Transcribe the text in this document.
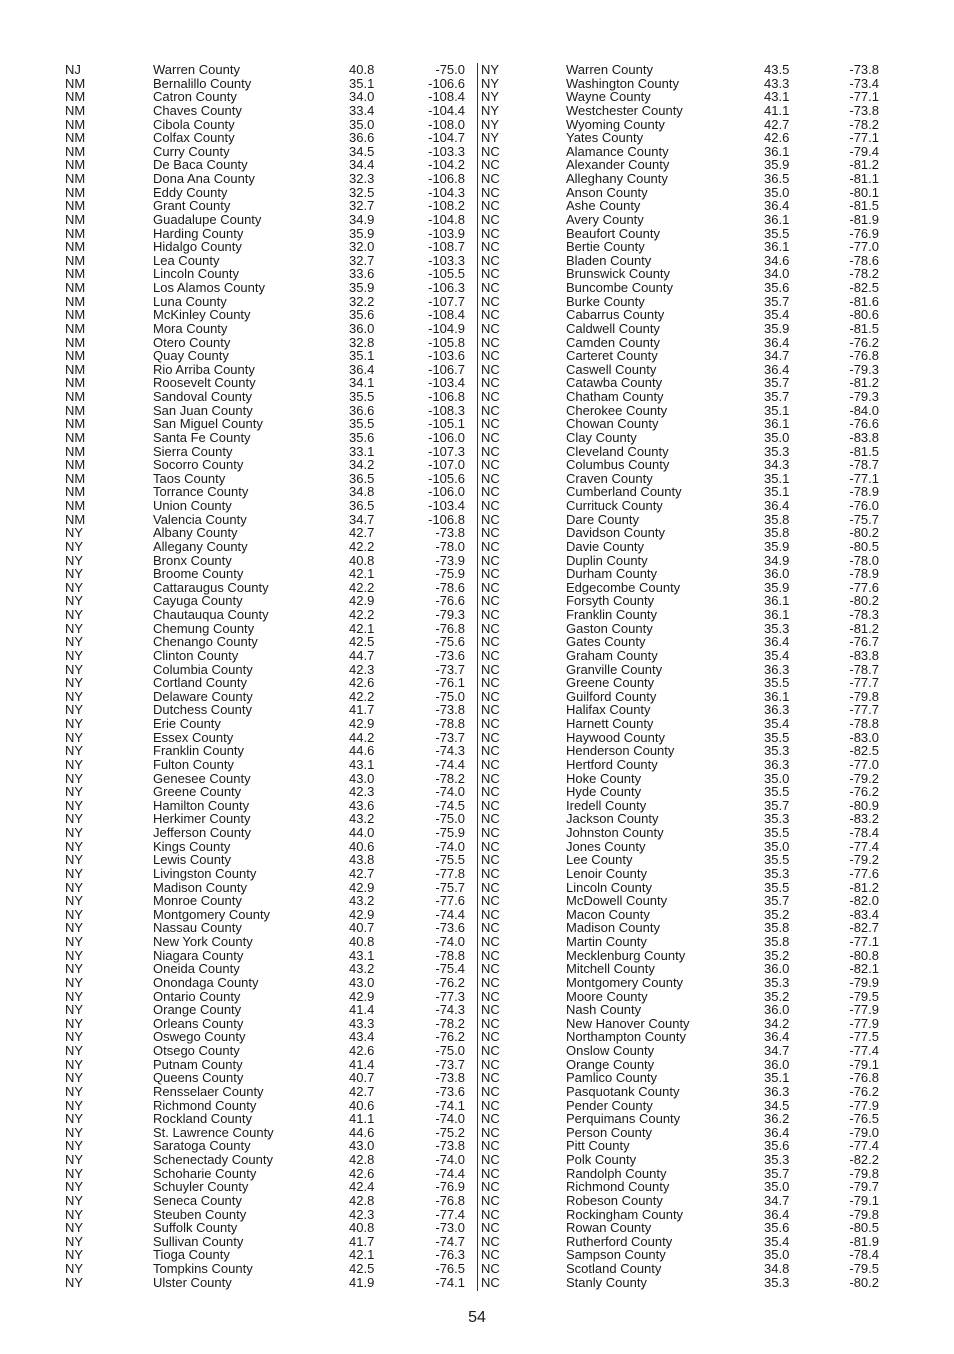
NJ	Warren County	40.8	-75.0
NM	Bernalillo County	35.1	-106.6
NM	Catron County	34.0	-108.4
NM	Chaves County	33.4	-104.4
NM	Cibola County	35.0	-108.0
NM	Colfax County	36.6	-104.7
NM	Curry County	34.5	-103.3
NM	De Baca County	34.4	-104.2
NM	Dona Ana County	32.3	-106.8
NM	Eddy County	32.5	-104.3
NM	Grant County	32.7	-108.2
NM	Guadalupe County	34.9	-104.8
NM	Harding County	35.9	-103.9
NM	Hidalgo County	32.0	-108.7
NM	Lea County	32.7	-103.3
NM	Lincoln County	33.6	-105.5
NM	Los Alamos County	35.9	-106.3
NM	Luna County	32.2	-107.7
NM	McKinley County	35.6	-108.4
NM	Mora County	36.0	-104.9
NM	Otero County	32.8	-105.8
NM	Quay County	35.1	-103.6
NM	Rio Arriba County	36.4	-106.7
NM	Roosevelt County	34.1	-103.4
NM	Sandoval County	35.5	-106.8
NM	San Juan County	36.6	-108.3
NM	San Miguel County	35.5	-105.1
NM	Santa Fe County	35.6	-106.0
NM	Sierra County	33.1	-107.3
NM	Socorro County	34.2	-107.0
NM	Taos County	36.5	-105.6
NM	Torrance County	34.8	-106.0
NM	Union County	36.5	-103.4
NM	Valencia County	34.7	-106.8
NY	Albany County	42.7	-73.8
NY	Allegany County	42.2	-78.0
NY	Bronx County	40.8	-73.9
NY	Broome County	42.1	-75.9
NY	Cattaraugus County	42.2	-78.6
NY	Cayuga County	42.9	-76.6
NY	Chautauqua County	42.2	-79.3
NY	Chemung County	42.1	-76.8
NY	Chenango County	42.5	-75.6
NY	Clinton County	44.7	-73.6
NY	Columbia County	42.3	-73.7
NY	Cortland County	42.6	-76.1
NY	Delaware County	42.2	-75.0
NY	Dutchess County	41.7	-73.8
NY	Erie County	42.9	-78.8
NY	Essex County	44.2	-73.7
NY	Franklin County	44.6	-74.3
NY	Fulton County	43.1	-74.4
NY	Genesee County	43.0	-78.2
NY	Greene County	42.3	-74.0
NY	Hamilton County	43.6	-74.5
NY	Herkimer County	43.2	-75.0
NY	Jefferson County	44.0	-75.9
NY	Kings County	40.6	-74.0
NY	Lewis County	43.8	-75.5
NY	Livingston County	42.7	-77.8
NY	Madison County	42.9	-75.7
NY	Monroe County	43.2	-77.6
NY	Montgomery County	42.9	-74.4
NY	Nassau County	40.7	-73.6
NY	New York County	40.8	-74.0
NY	Niagara County	43.1	-78.8
NY	Oneida County	43.2	-75.4
NY	Onondaga County	43.0	-76.2
NY	Ontario County	42.9	-77.3
NY	Orange County	41.4	-74.3
NY	Orleans County	43.3	-78.2
NY	Oswego County	43.4	-76.2
NY	Otsego County	42.6	-75.0
NY	Putnam County	41.4	-73.7
NY	Queens County	40.7	-73.8
NY	Rensselaer County	42.7	-73.6
NY	Richmond County	40.6	-74.1
NY	Rockland County	41.1	-74.0
NY	St. Lawrence County	44.6	-75.2
NY	Saratoga County	43.0	-73.8
NY	Schenectady County	42.8	-74.0
NY	Schoharie County	42.6	-74.4
NY	Schuyler County	42.4	-76.9
NY	Seneca County	42.8	-76.8
NY	Steuben County	42.3	-77.4
NY	Suffolk County	40.8	-73.0
NY	Sullivan County	41.7	-74.7
NY	Tioga County	42.1	-76.3
NY	Tompkins County	42.5	-76.5
NY	Ulster County	41.9	-74.1
NY	Warren County	43.5	-73.8
NY	Washington County	43.3	-73.4
NY	Wayne County	43.1	-77.1
NY	Westchester County	41.1	-73.8
NY	Wyoming County	42.7	-78.2
NY	Yates County	42.6	-77.1
NC	Alamance County	36.1	-79.4
NC	Alexander County	35.9	-81.2
NC	Alleghany County	36.5	-81.1
NC	Anson County	35.0	-80.1
NC	Ashe County	36.4	-81.5
NC	Avery County	36.1	-81.9
NC	Beaufort County	35.5	-76.9
NC	Bertie County	36.1	-77.0
NC	Bladen County	34.6	-78.6
NC	Brunswick County	34.0	-78.2
NC	Buncombe County	35.6	-82.5
NC	Burke County	35.7	-81.6
NC	Cabarrus County	35.4	-80.6
NC	Caldwell County	35.9	-81.5
NC	Camden County	36.4	-76.2
NC	Carteret County	34.7	-76.8
NC	Caswell County	36.4	-79.3
NC	Catawba County	35.7	-81.2
NC	Chatham County	35.7	-79.3
NC	Cherokee County	35.1	-84.0
NC	Chowan County	36.1	-76.6
NC	Clay County	35.0	-83.8
NC	Cleveland County	35.3	-81.5
NC	Columbus County	34.3	-78.7
NC	Craven County	35.1	-77.1
NC	Cumberland County	35.1	-78.9
NC	Currituck County	36.4	-76.0
NC	Dare County	35.8	-75.7
NC	Davidson County	35.8	-80.2
NC	Davie County	35.9	-80.5
NC	Duplin County	34.9	-78.0
NC	Durham County	36.0	-78.9
NC	Edgecombe County	35.9	-77.6
NC	Forsyth County	36.1	-80.2
NC	Franklin County	36.1	-78.3
NC	Gaston County	35.3	-81.2
NC	Gates County	36.4	-76.7
NC	Graham County	35.4	-83.8
NC	Granville County	36.3	-78.7
NC	Greene County	35.5	-77.7
NC	Guilford County	36.1	-79.8
NC	Halifax County	36.3	-77.7
NC	Harnett County	35.4	-78.8
NC	Haywood County	35.5	-83.0
NC	Henderson County	35.3	-82.5
NC	Hertford County	36.3	-77.0
NC	Hoke County	35.0	-79.2
NC	Hyde County	35.5	-76.2
NC	Iredell County	35.7	-80.9
NC	Jackson County	35.3	-83.2
NC	Johnston County	35.5	-78.4
NC	Jones County	35.0	-77.4
NC	Lee County	35.5	-79.2
NC	Lenoir County	35.3	-77.6
NC	Lincoln County	35.5	-81.2
NC	McDowell County	35.7	-82.0
NC	Macon County	35.2	-83.4
NC	Madison County	35.8	-82.7
NC	Martin County	35.8	-77.1
NC	Mecklenburg County	35.2	-80.8
NC	Mitchell County	36.0	-82.1
NC	Montgomery County	35.3	-79.9
NC	Moore County	35.2	-79.5
NC	Nash County	36.0	-77.9
NC	New Hanover County	34.2	-77.9
NC	Northampton County	36.4	-77.5
NC	Onslow County	34.7	-77.4
NC	Orange County	36.0	-79.1
NC	Pamlico County	35.1	-76.8
NC	Pasquotank County	36.3	-76.2
NC	Pender County	34.5	-77.9
NC	Perquimans County	36.2	-76.5
NC	Person County	36.4	-79.0
NC	Pitt County	35.6	-77.4
NC	Polk County	35.3	-82.2
NC	Randolph County	35.7	-79.8
NC	Richmond County	35.0	-79.7
NC	Robeson County	34.7	-79.1
NC	Rockingham County	36.4	-79.8
NC	Rowan County	35.6	-80.5
NC	Rutherford County	35.4	-81.9
NC	Sampson County	35.0	-78.4
NC	Scotland County	34.8	-79.5
NC	Stanly County	35.3	-80.2
54
